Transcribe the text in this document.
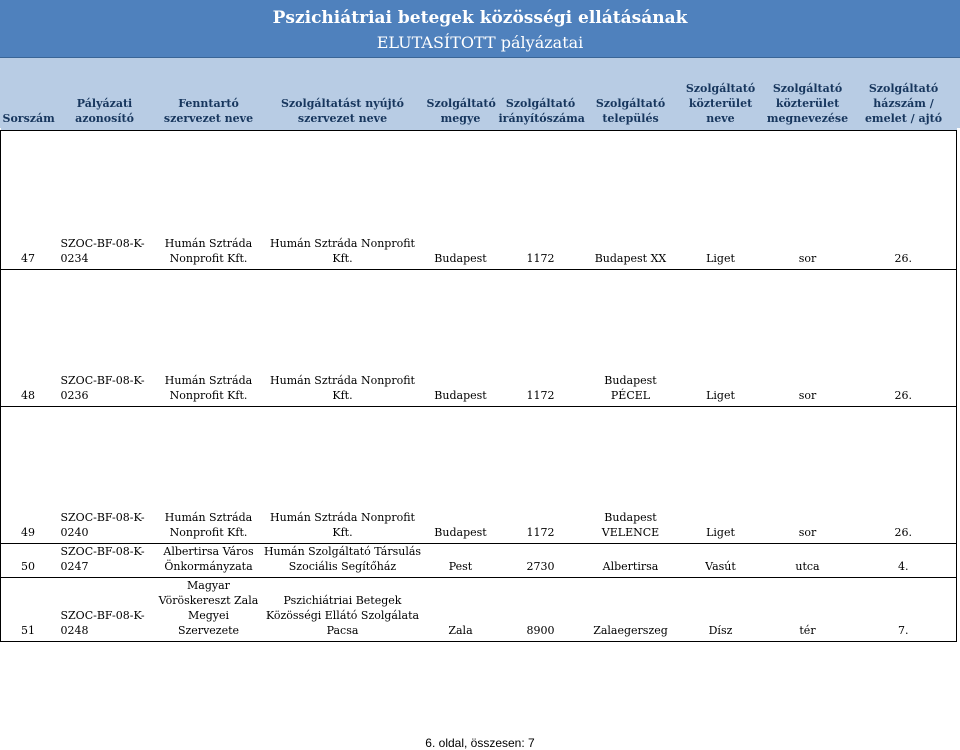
Pszichiátriai betegek közösségi ellátásának
ELUTASÍTOTT pályázatai
Sorszám	Pályázati azonosító	Fenntartó szervezet neve	Szolgáltatást nyújtó szervezet neve	Szolgáltató megye	Szolgáltató irányítószáma	Szolgáltató település	Szolgáltató közterület neve	Szolgáltató közterület megnevezése	Szolgáltató házszám / emelet / ajtó
47	SZOC-BF-08-K-0234	Humán Sztráda Nonprofit Kft.	Humán Sztráda Nonprofit Kft.	Budapest	1172	Budapest XX	Liget	sor	26.
48	SZOC-BF-08-K-0236	Humán Sztráda Nonprofit Kft.	Humán Sztráda Nonprofit Kft.	Budapest	1172	Budapest PÉCEL	Liget	sor	26.
49	SZOC-BF-08-K-0240	Humán Sztráda Nonprofit Kft.	Humán Sztráda Nonprofit Kft.	Budapest	1172	Budapest VELENCE	Liget	sor	26.
50	SZOC-BF-08-K-0247	Albertirsa Város Önkormányzata	Humán Szolgáltató Társulás Szociális Segítőház	Pest	2730	Albertirsa	Vasút	utca	4.
51	SZOC-BF-08-K-0248	Magyar Vöröskereszt Zala Megyei Szervezete	Pszichiátriai Betegek Közösségi Ellátó Szolgálata Pacsa	Zala	8900	Zalaegerszeg	Dísz	tér	7.
6. oldal, összesen: 7
